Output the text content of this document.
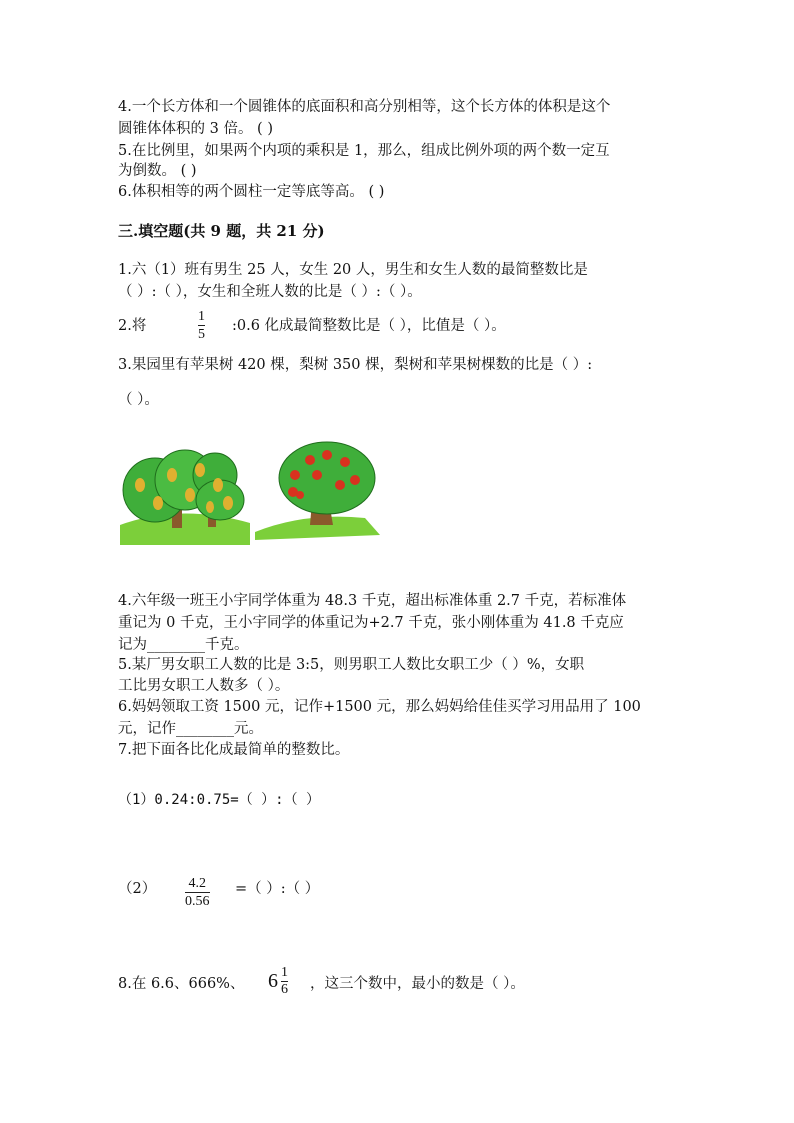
4.一个长方体和一个圆锥体的底面积和高分别相等，这个长方体的体积是这个
圆锥体体积的 3 倍。 ( )
5.在比例里，如果两个内项的乘积是 1，那么，组成比例外项的两个数一定互
为倒数。 ( )
6.体积相等的两个圆柱一定等底等高。 ( )
三.填空题(共 9 题，共 21 分)
1.六（1）班有男生 25 人，女生 20 人，男生和女生人数的最简整数比是
（ ）:（ ），女生和全班人数的比是（ ）:（ ）。
2.将
1
5
:0.6 化成最简整数比是（ ），比值是（ ）。
3.果园里有苹果树 420 棵，梨树 350 棵，梨树和苹果树棵数的比是（ ）:
（ ）。
4.六年级一班王小宇同学体重为 48.3 千克，超出标准体重 2.7 千克，若标准体
重记为 0 千克，王小宇同学的体重记为+2.7 千克，张小刚体重为 41.8 千克应
记为________千克。
5.某厂男女职工人数的比是 3:5，则男职工人数比女职工少（ ）%，女职
工比男女职工人数多（ ）。
6.妈妈领取工资 1500 元，记作+1500 元，那么妈妈给佳佳买学习用品用了 100
元，记作________元。
7.把下面各比化成最简单的整数比。
（1）0.24:0.75=（ ）:（ ）
（2） 4.2
0.56
=（ ）:（ ）
8.在 6.6、666%、 6 1
6 ，这三个数中，最小的数是（ ）。
